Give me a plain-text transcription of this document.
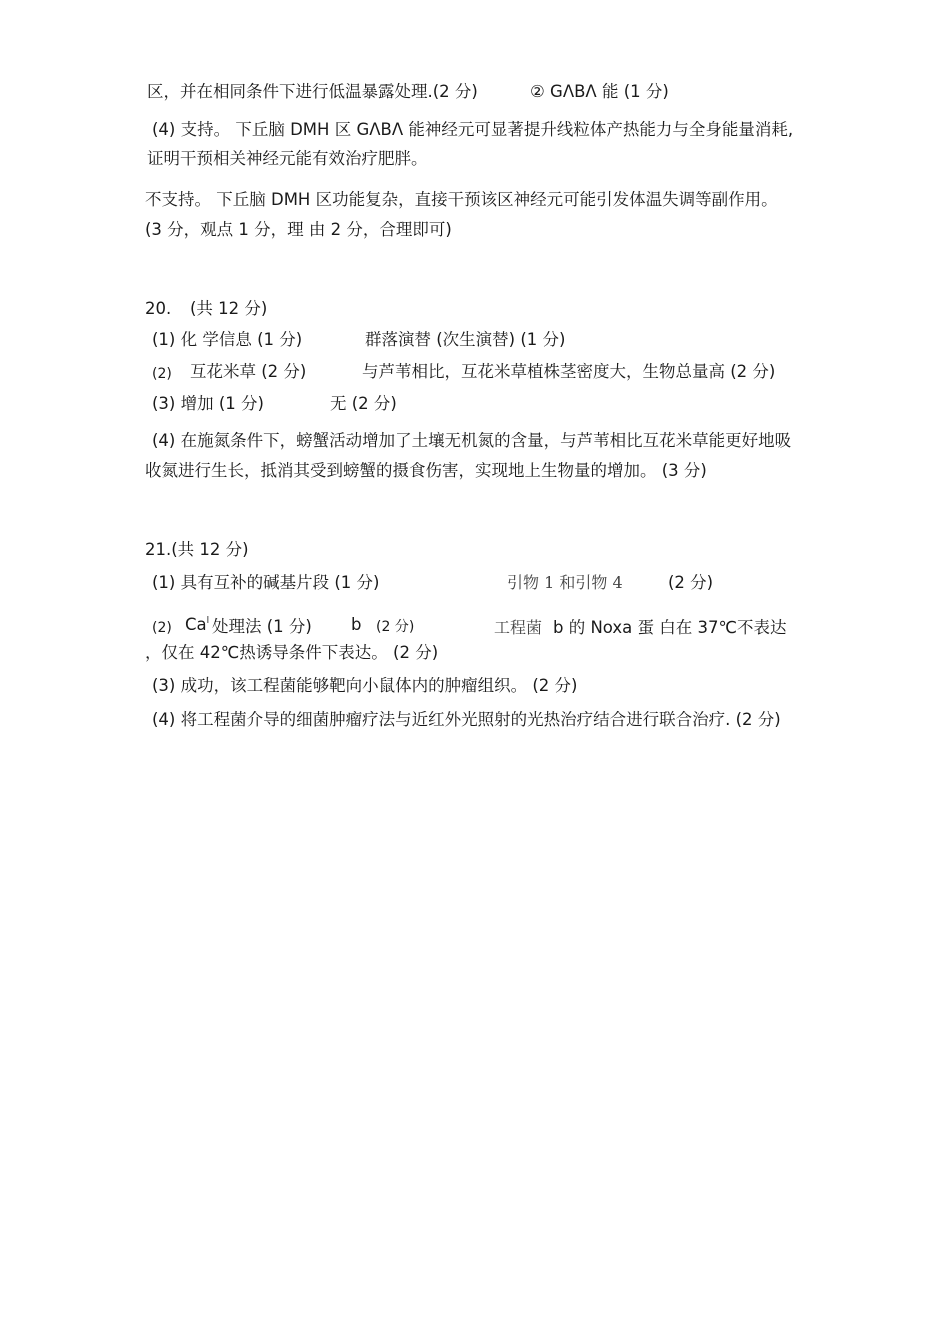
区，并在相同条件下进行低温暴露处理.(2 分)	② GΛBΛ 能 (1 分)
(4) 支持。 下丘脑 DMH 区 GΛBΛ 能神经元可显著提升线粒体产热能力与全身能量消耗,
证明干预相关神经元能有效治疗肥胖。
不支持。 下丘脑 DMH 区功能复杂，直接干预该区神经元可能引发体温失调等副作用。
(3 分，观点 1 分，理 由 2 分，合理即可)
20. (共 12 分)
(1) 化 学信息 (1 分)	群落演替 (次生演替) (1 分)
(2) 互花米草 (2 分)	与芦苇相比，互花米草植株茎密度大，生物总量高 (2 分)
(3) 增加 (1 分)	无 (2 分)
(4) 在施氮条件下，螃蟹活动增加了土壤无机氮的含量，与芦苇相比互花米草能更好地吸
收氮进行生长，抵消其受到螃蟹的摄食伤害，实现地上生物量的增加。 (3 分)
21.(共 12 分)
(1) 具有互补的碱基片段 (1 分)	引物 1 和引物 4	(2 分)
(2) Ca$^l$ 处理法 (1 分) b (2 分)	工程菌 b 的 Noxa 蛋 白在 37℃不表达
，仅在 42℃热诱导条件下表达。 (2 分)
(3) 成功，该工程菌能够靶向小鼠体内的肿瘤组织。 (2 分)
(4) 将工程菌介导的细菌肿瘤疗法与近红外光照射的光热治疗结合进行联合治疗. (2 分)
